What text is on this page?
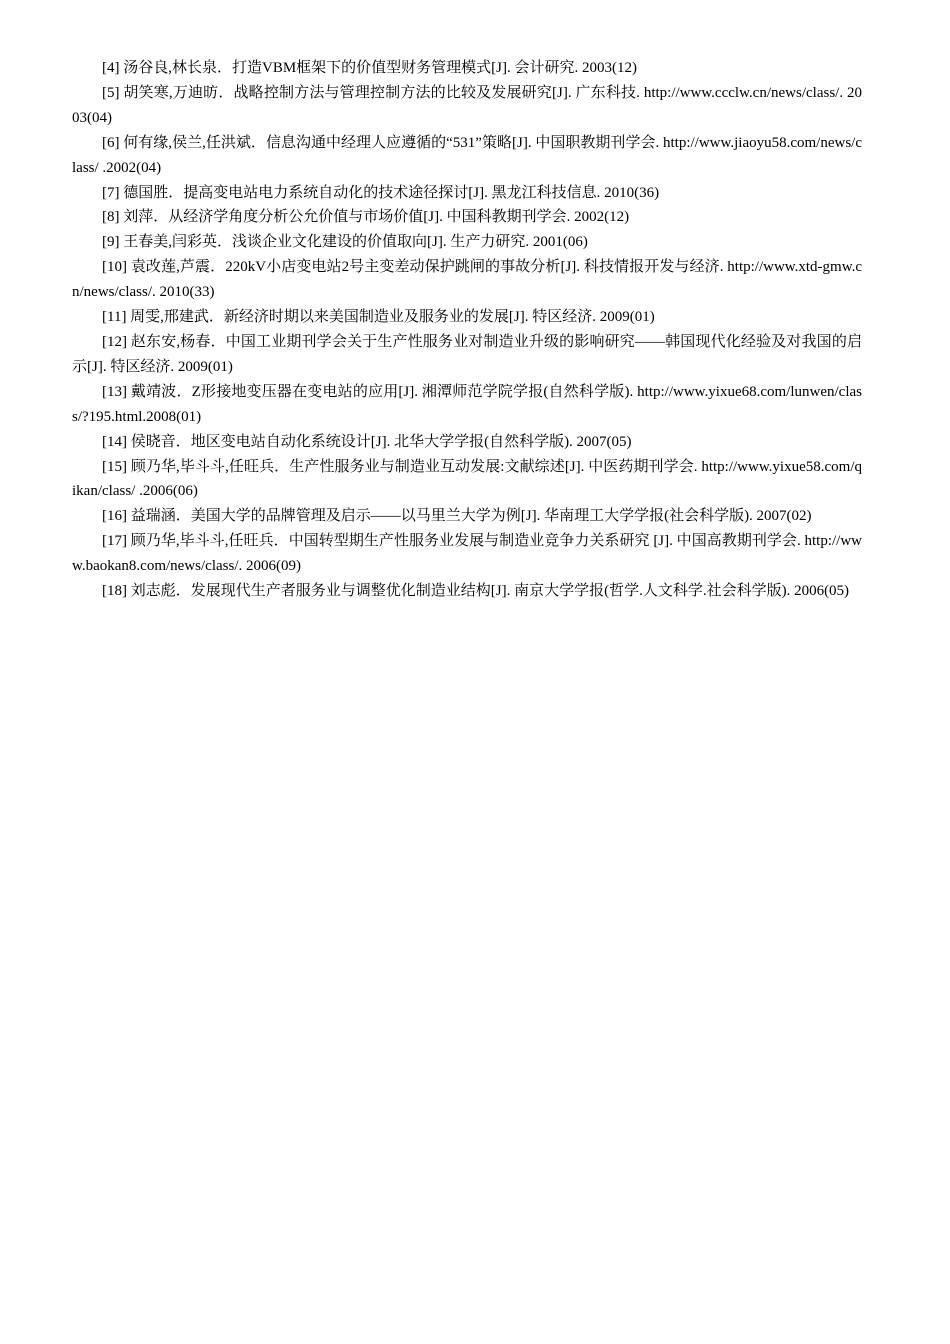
[4] 汤谷良,林长泉．打造VBM框架下的价值型财务管理模式[J]. 会计研究. 2003(12)

[5] 胡笑寒,万迪昉．战略控制方法与管理控制方法的比较及发展研究[J]. 广东科技. http://www.ccclw.cn/news/class/. 2003(04)

[6] 何有缘,侯兰,任洪斌．信息沟通中经理人应遵循的“531”策略[J]. 中国职教期刊学会. http://www.jiaoyu58.com/news/class/ .2002(04)

[7] 德国胜．提高变电站电力系统自动化的技术途径探讨[J]. 黑龙江科技信息. 2010(36)

[8] 刘萍．从经济学角度分析公允价值与市场价值[J]. 中国科教期刊学会. 2002(12)

[9] 王春美,闫彩英．浅谈企业文化建设的价值取向[J]. 生产力研究. 2001(06)

[10] 袁改莲,芦震．220kV小店变电站2号主变差动保护跳闸的事故分析[J]. 科技情报开发与经济. http://www.xtd-gmw.cn/news/class/. 2010(33)

[11] 周雯,邢建武．新经济时期以来美国制造业及服务业的发展[J]. 特区经济. 2009(01)

[12] 赵东安,杨春．中国工业期刊学会关于生产性服务业对制造业升级的影响研究——韩国现代化经验及对我国的启示[J]. 特区经济. 2009(01)

[13] 戴靖波．Z形接地变压器在变电站的应用[J]. 湘潭师范学院学报(自然科学版). http://www.yixue68.com/lunwen/class/?195.html.2008(01)

[14] 侯晓音．地区变电站自动化系统设计[J]. 北华大学学报(自然科学版). 2007(05)

[15] 顾乃华,毕斗斗,任旺兵．生产性服务业与制造业互动发展:文献综述[J]. 中医药期刊学会. http://www.yixue58.com/qikan/class/ .2006(06)

[16] 益瑞涵．美国大学的品牌管理及启示——以马里兰大学为例[J]. 华南理工大学学报(社会科学版). 2007(02)

[17] 顾乃华,毕斗斗,任旺兵．中国转型期生产性服务业发展与制造业竞争力关系研究 [J]. 中国高教期刊学会. http://www.baokan8.com/news/class/. 2006(09)

[18] 刘志彪．发展现代生产者服务业与调整优化制造业结构[J]. 南京大学学报(哲学.人文科学.社会科学版). 2006(05)
